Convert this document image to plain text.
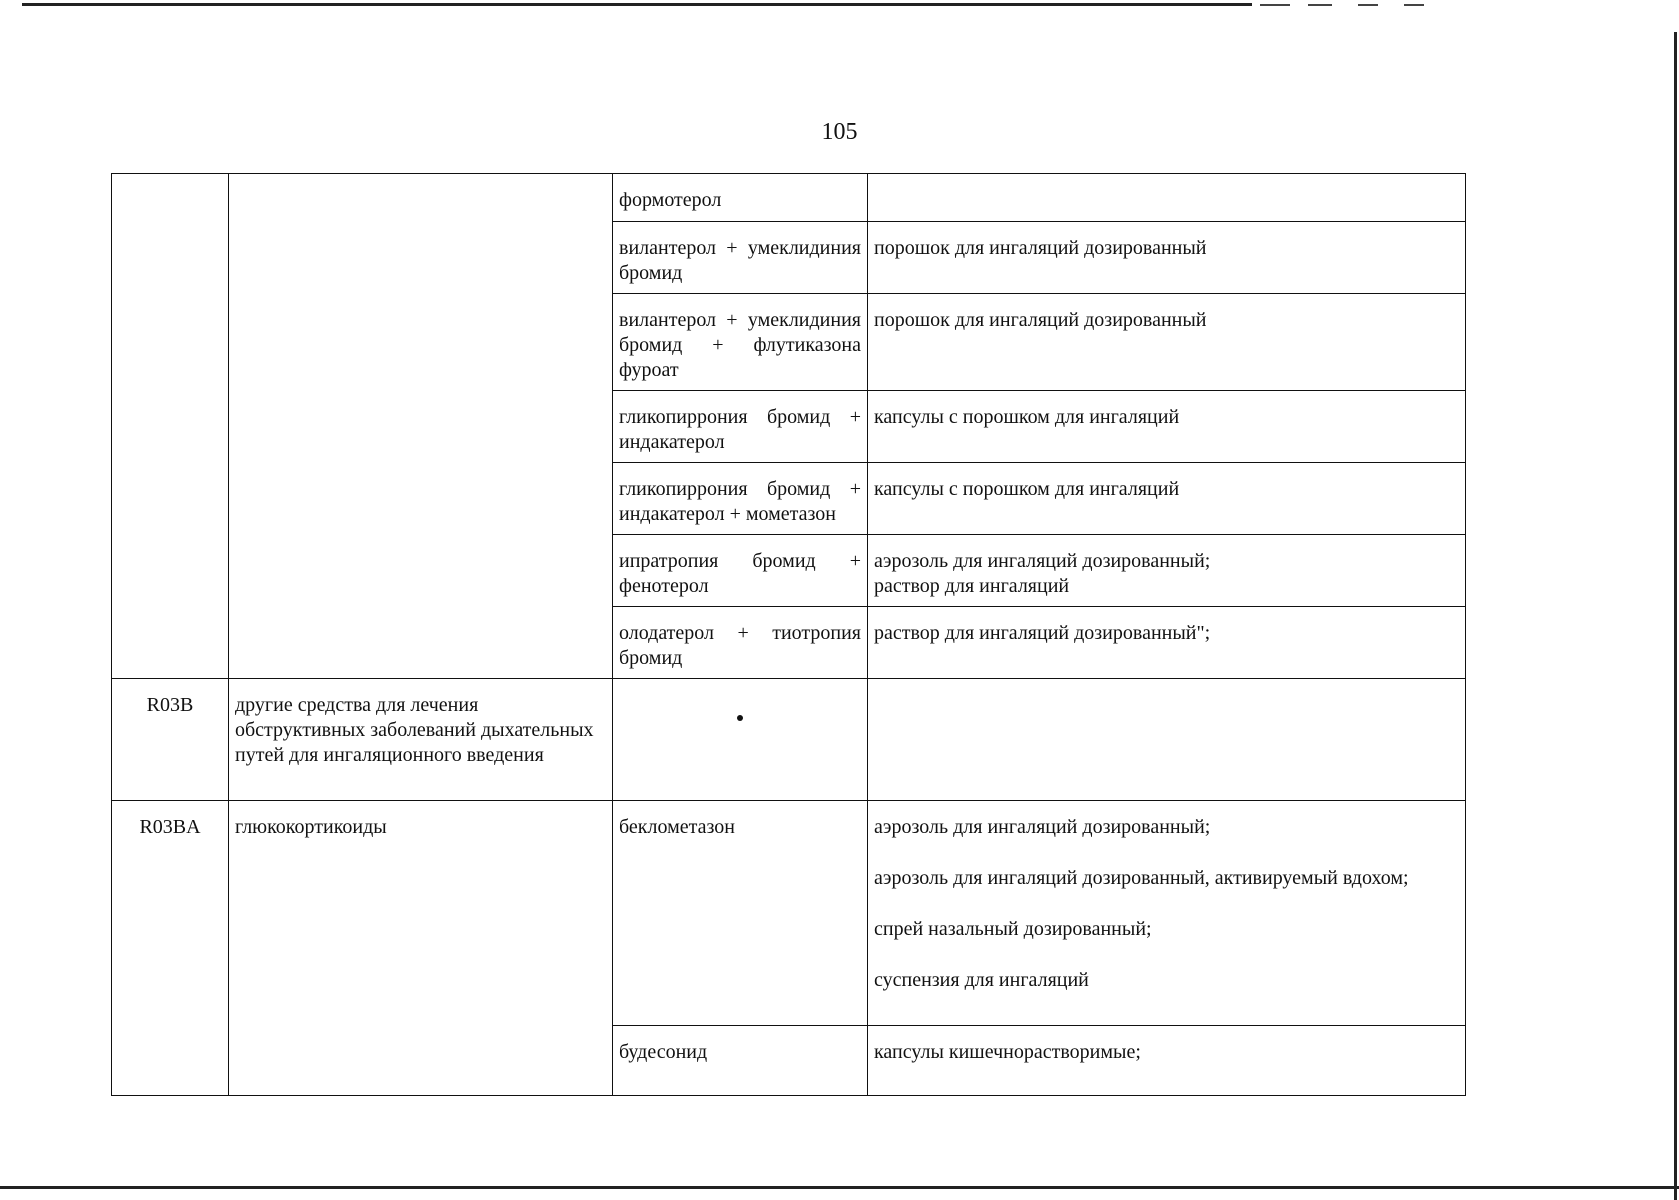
105
		формотерол	
		вилантерол + умеклидиния бромид	порошок для ингаляций дозированный
		вилантерол + умеклидиния бромид + флутиказона фуроат	порошок для ингаляций дозированный
		гликопиррония бромид + индакатерол	капсулы с порошком для ингаляций
		гликопиррония бромид + индакатерол + мометазон	капсулы с порошком для ингаляций
		ипратропия бромид + фенотерол	аэрозоль для ингаляций дозированный;
раствор для ингаляций

		олодатерол + тиотропия бромид	раствор для ингаляций дозированный";
R03B	другие средства для лечения обструктивных заболеваний дыхательных путей для ингаляционного введения	

R03BA	глюкокортикоиды	беклометазон	аэрозоль для ингаляций дозированный;
аэрозоль для ингаляций дозированный, активируемый вдохом;
спрей назальный дозированный;
суспензия для ингаляций

		будесонид	капсулы кишечнорастворимые;
